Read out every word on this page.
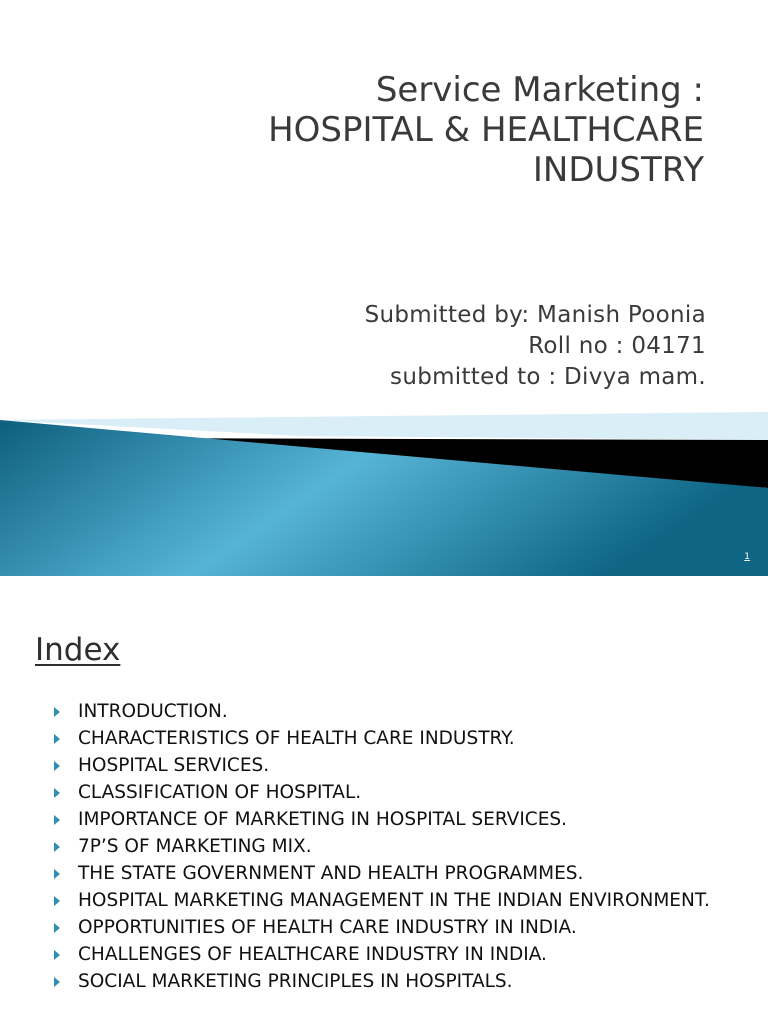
Service Marketing :
HOSPITAL & HEALTHCARE
INDUSTRY
Submitted by: Manish Poonia
Roll no : 04171
submitted to : Divya mam.
1
Index
INTRODUCTION.
CHARACTERISTICS OF HEALTH CARE INDUSTRY.
HOSPITAL SERVICES.
CLASSIFICATION OF HOSPITAL.
IMPORTANCE OF MARKETING IN HOSPITAL SERVICES.
7P’S OF MARKETING MIX.
THE STATE GOVERNMENT AND HEALTH PROGRAMMES.
HOSPITAL MARKETING MANAGEMENT IN THE INDIAN ENVIRONMENT.
OPPORTUNITIES OF HEALTH CARE INDUSTRY IN INDIA.
CHALLENGES OF HEALTHCARE INDUSTRY IN INDIA.
SOCIAL MARKETING PRINCIPLES IN HOSPITALS.
